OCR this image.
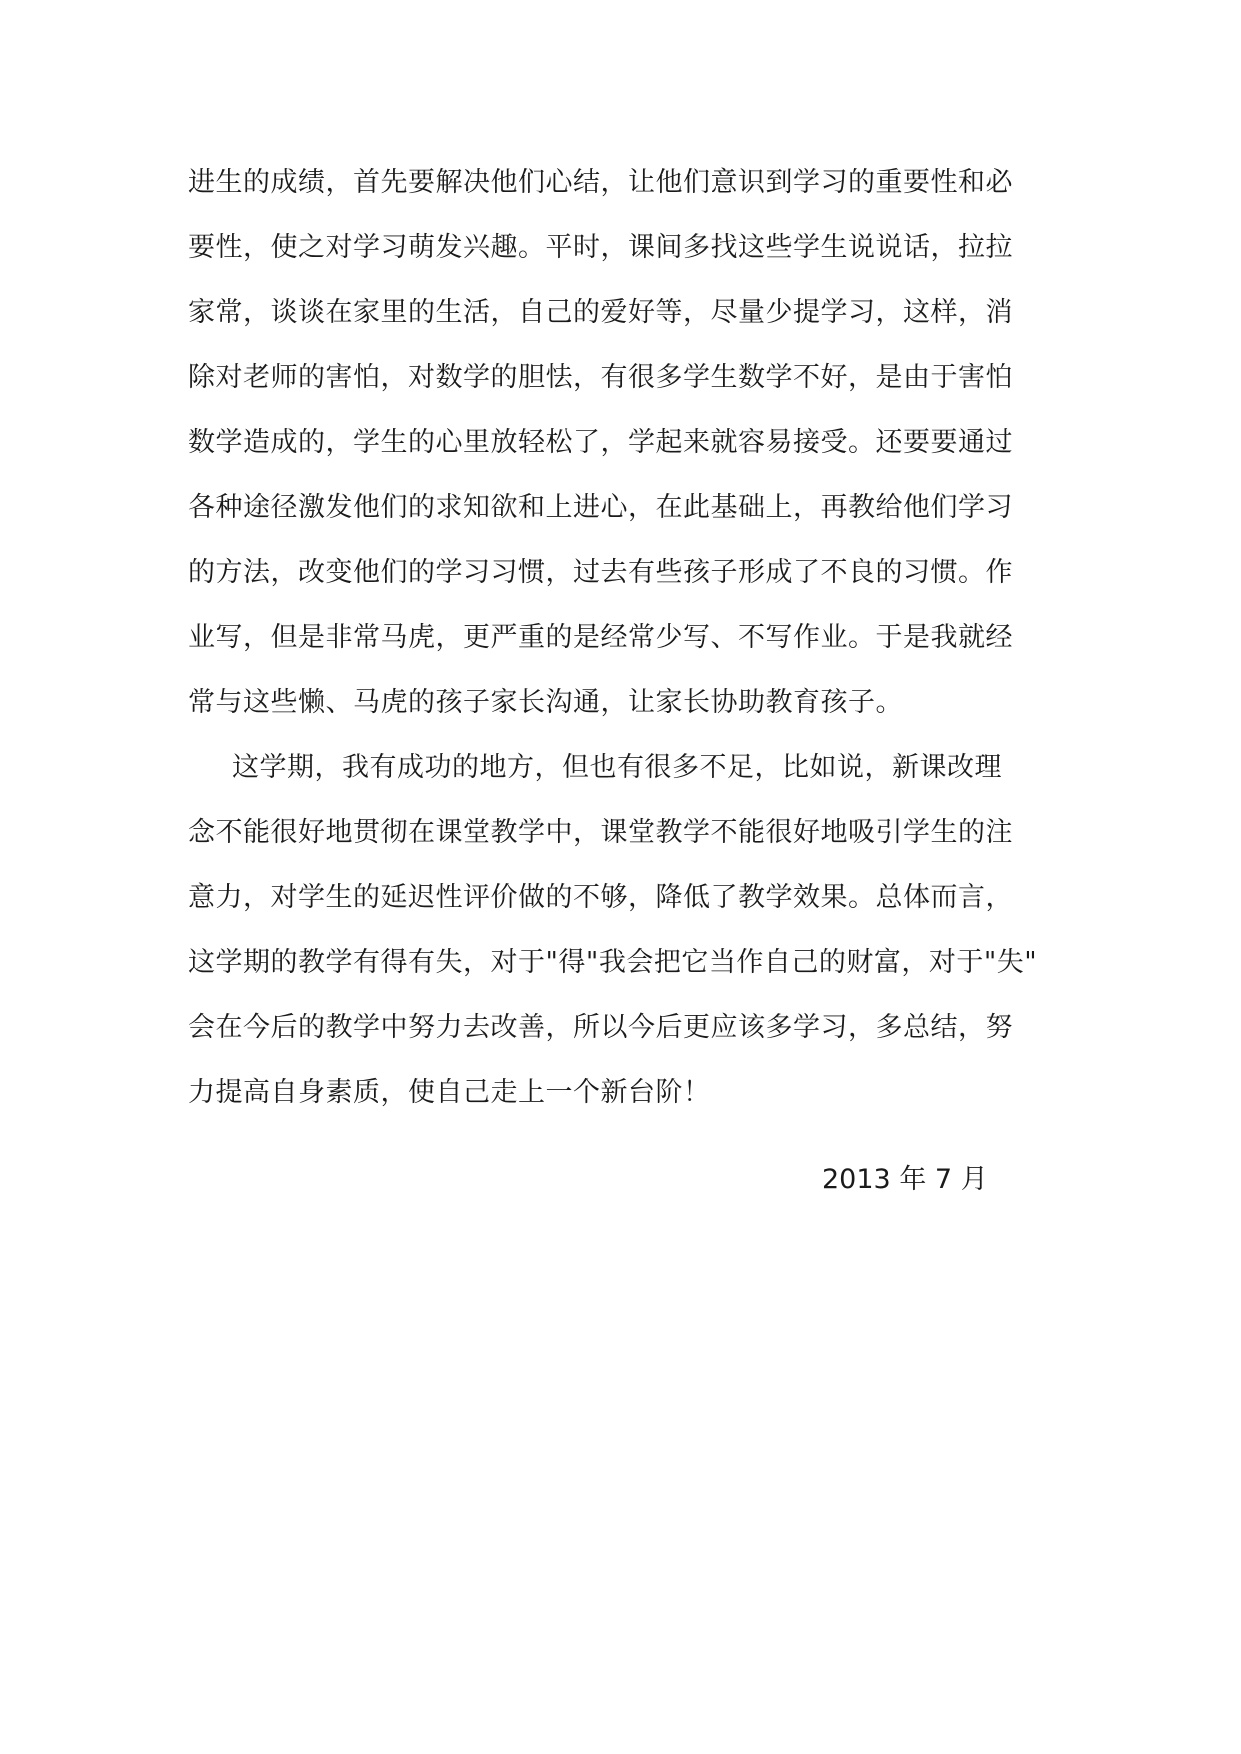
进生的成绩，首先要解决他们心结，让他们意识到学习的重要性和必
要性，使之对学习萌发兴趣。平时，课间多找这些学生说说话，拉拉
家常，谈谈在家里的生活，自己的爱好等，尽量少提学习，这样，消
除对老师的害怕，对数学的胆怯，有很多学生数学不好，是由于害怕
数学造成的，学生的心里放轻松了，学起来就容易接受。还要要通过
各种途径激发他们的求知欲和上进心，在此基础上，再教给他们学习
的方法，改变他们的学习习惯，过去有些孩子形成了不良的习惯。作
业写，但是非常马虎，更严重的是经常少写、不写作业。于是我就经
常与这些懒、马虎的孩子家长沟通，让家长协助教育孩子。
这学期，我有成功的地方，但也有很多不足，比如说，新课改理
念不能很好地贯彻在课堂教学中，课堂教学不能很好地吸引学生的注
意力，对学生的延迟性评价做的不够，降低了教学效果。总体而言，
这学期的教学有得有失，对于"得"我会把它当作自己的财富，对于"失"
会在今后的教学中努力去改善，所以今后更应该多学习，多总结，努
力提高自身素质，使自己走上一个新台阶！
2013 年 7 月
